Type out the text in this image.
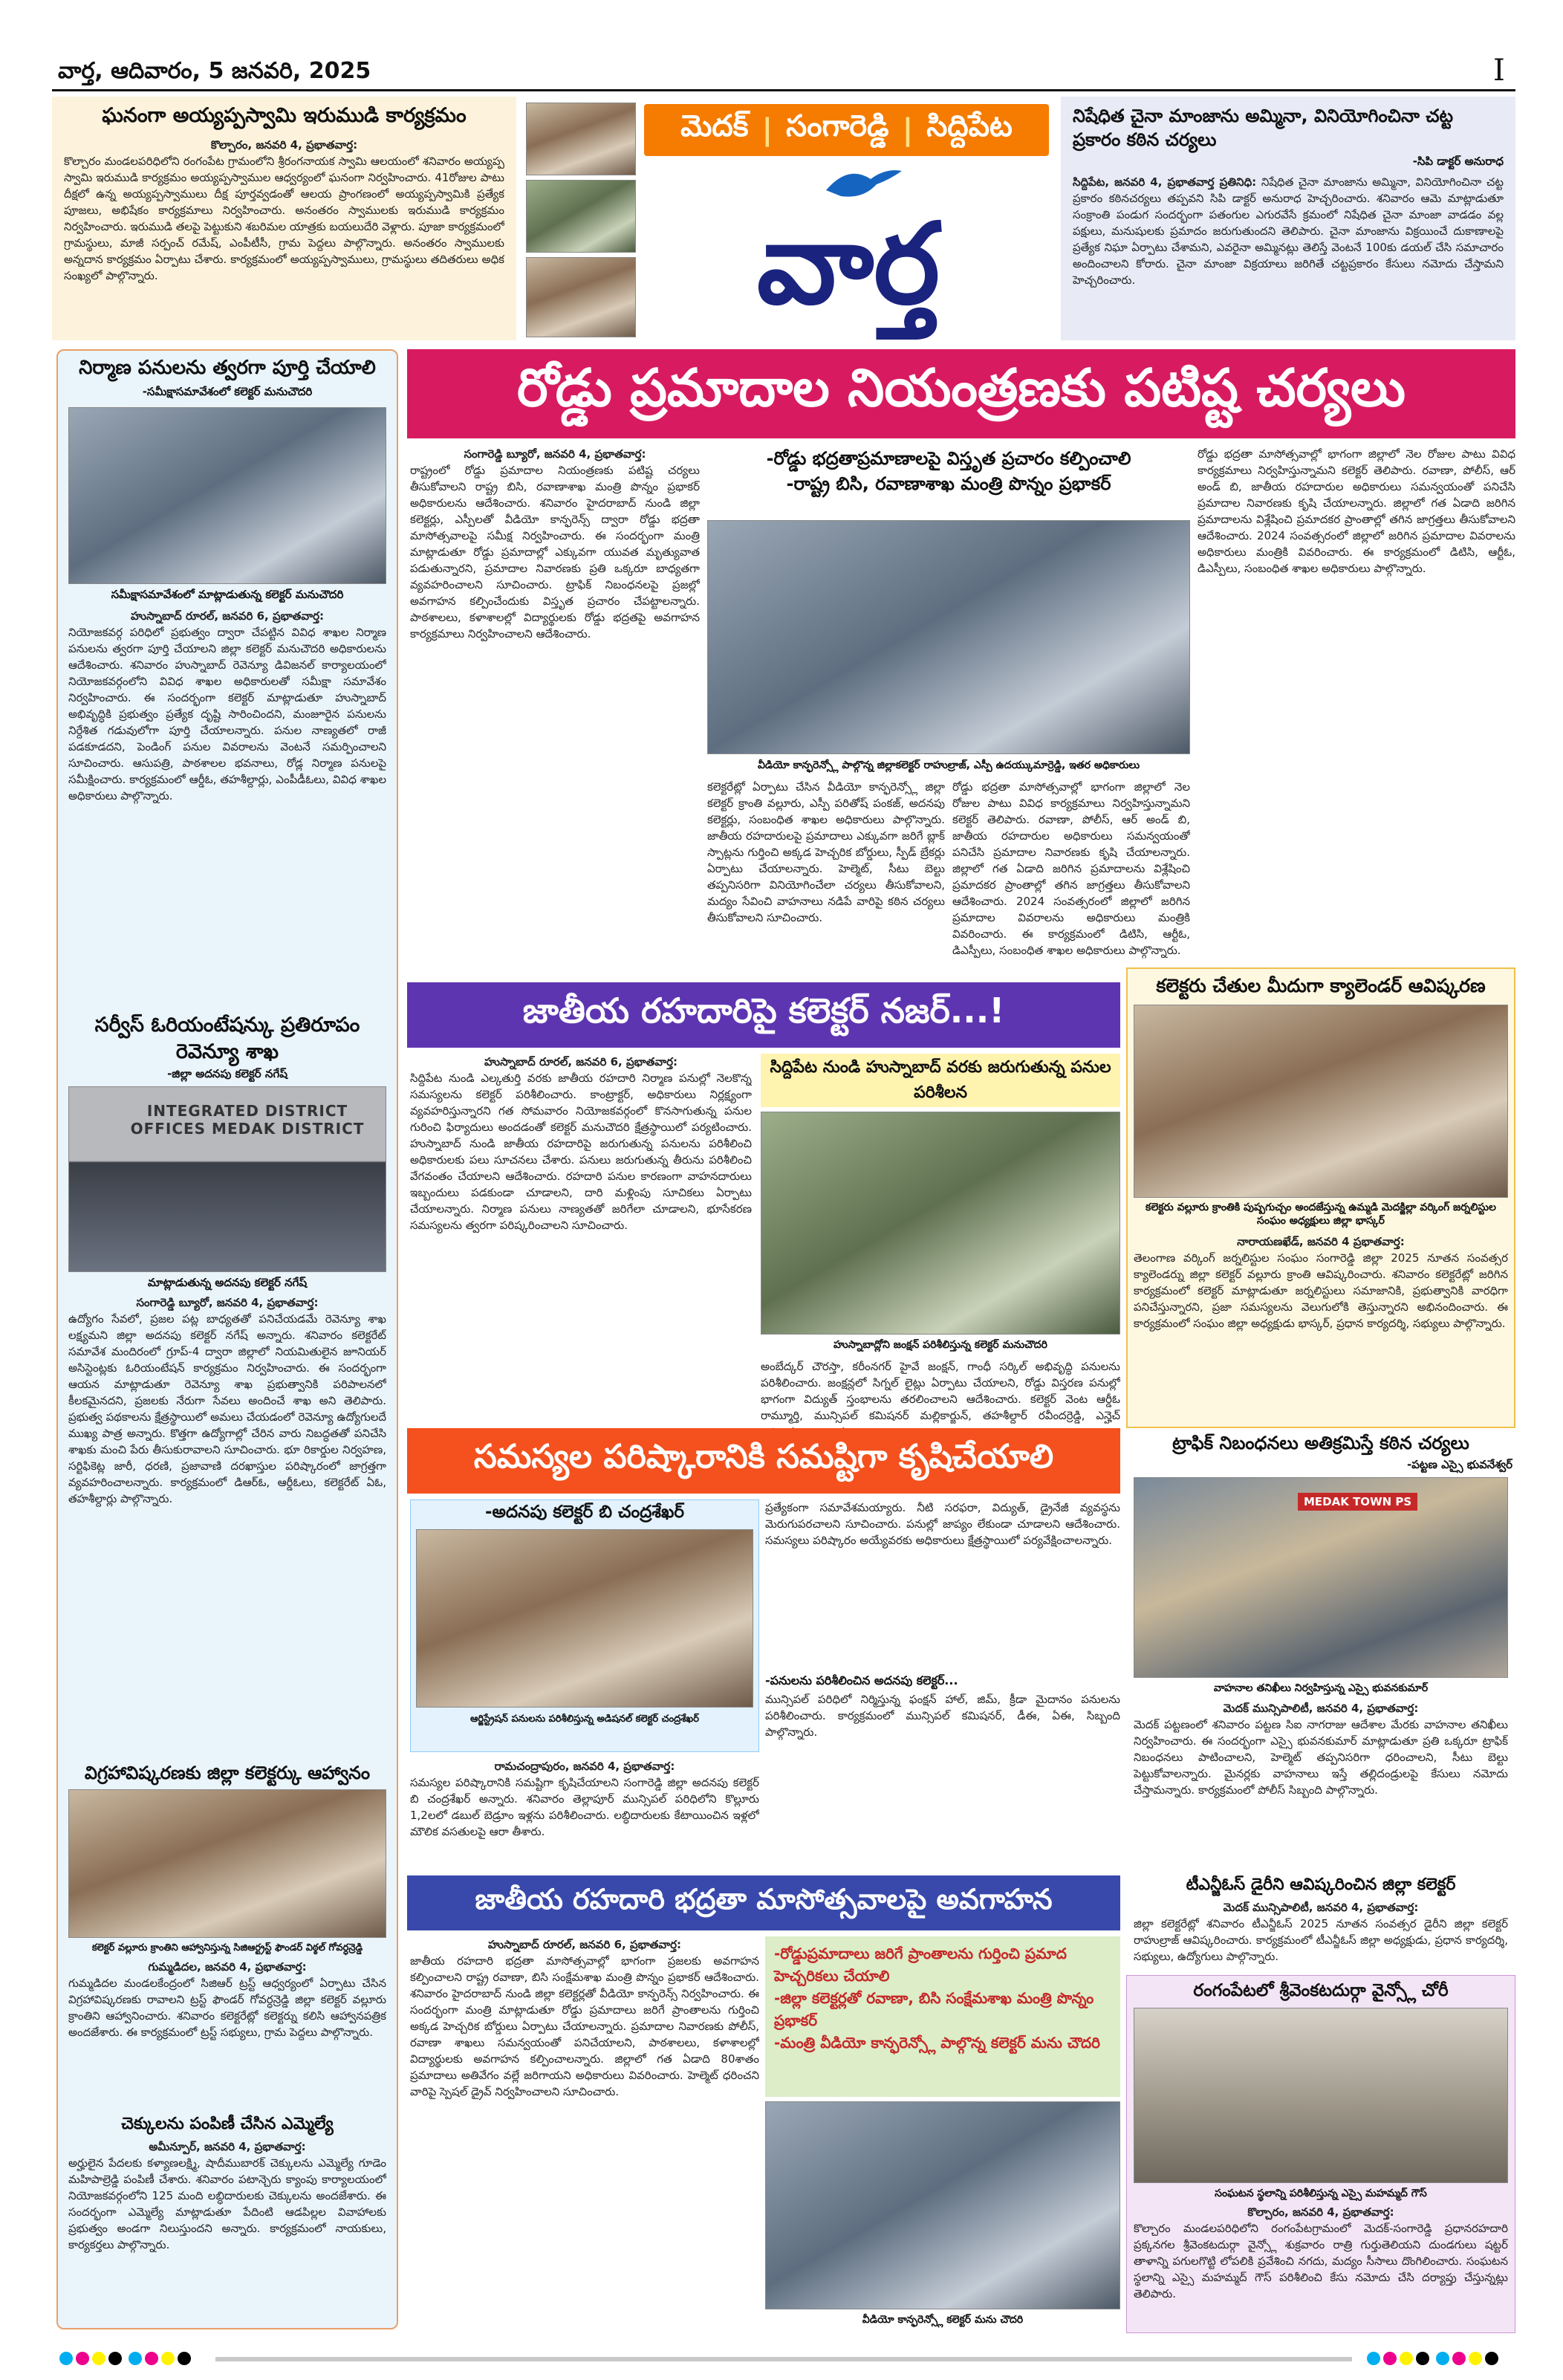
వార్త, ఆదివారం, 5 జనవరి, 2025	I
ఘనంగా అయ్యప్పస్వామి ఇరుముడి కార్యక్రమం
కొల్చారం, జనవరి 4, ప్రభాతవార్త:
కొల్చారం మండలపరిధిలోని రంగంపేట గ్రామంలోని శ్రీరంగనాయక స్వామి ఆలయంలో శనివారం అయ్యప్ప స్వామి ఇరుముడి కార్యక్రమం అయ్యప్పస్వాముల ఆధ్వర్యంలో ఘనంగా నిర్వహించారు. 41రోజుల పాటు దీక్షలో ఉన్న అయ్యప్పస్వాములు దీక్ష పూర్తవ్వడంతో ఆలయ ప్రాంగణంలో అయ్యప్పస్వామికి ప్రత్యేక పూజలు, అభిషేకం కార్యక్రమాలు నిర్వహించారు. అనంతరం స్వాములకు ఇరుముడి కార్యక్రమం నిర్వహించారు. ఇరుముడి తలపై పెట్టుకుని శబరిమల యాత్రకు బయలుదేరి వెళ్లారు. పూజా కార్యక్రమంలో గ్రామస్థులు, మాజీ సర్పంచ్ రమేష్, ఎంపీటీసీ, గ్రామ పెద్దలు పాల్గొన్నారు. అనంతరం స్వాములకు అన్నదాన కార్యక్రమం ఏర్పాటు చేశారు. కార్యక్రమంలో అయ్యప్పస్వాములు, గ్రామస్థులు తదితరులు అధిక సంఖ్యలో పాల్గొన్నారు.
మెదక్ | సంగారెడ్డి | సిద్దిపేట
వార్త
నిషేధిత చైనా మాంజాను అమ్మినా, వినియోగించినా చట్ట ప్రకారం కఠిన చర్యలు
-సిపి డాక్టర్ అనురాధ
సిద్దిపేట, జనవరి 4, ప్రభాతవార్త ప్రతినిధి: నిషేధిత చైనా మాంజాను అమ్మినా, వినియోగించినా చట్ట ప్రకారం కఠినచర్యలు తప్పవని సిపి డాక్టర్ అనురాధ హెచ్చరించారు. శనివారం ఆమె మాట్లాడుతూ సంక్రాంతి పండుగ సందర్భంగా పతంగుల ఎగురవేసే క్రమంలో నిషేధిత చైనా మాంజా వాడడం వల్ల పక్షులు, మనుషులకు ప్రమాదం జరుగుతుందని తెలిపారు. చైనా మాంజాను విక్రయించే దుకాణాలపై ప్రత్యేక నిఘా ఏర్పాటు చేశామని, ఎవరైనా అమ్మినట్లు తెలిస్తే వెంటనే 100కు డయల్ చేసి సమాచారం అందించాలని కోరారు. చైనా మాంజా విక్రయాలు జరిగితే చట్టప్రకారం కేసులు నమోదు చేస్తామని హెచ్చరించారు.
నిర్మాణ పనులను త్వరగా పూర్తి చేయాలి
-సమీక్షాసమావేశంలో కలెక్టర్ మనుచౌదరి
సమీక్షాసమావేశంలో మాట్లాడుతున్న కలెక్టర్ మనుచౌదరి
హుస్నాబాద్ రూరల్, జనవరి 6, ప్రభాతవార్త:
నియోజకవర్గ పరిధిలో ప్రభుత్వం ద్వారా చేపట్టిన వివిధ శాఖల నిర్మాణ పనులను త్వరగా పూర్తి చేయాలని జిల్లా కలెక్టర్ మనుచౌదరి అధికారులను ఆదేశించారు. శనివారం హుస్నాబాద్ రెవెన్యూ డివిజనల్ కార్యాలయంలో నియోజకవర్గంలోని వివిధ శాఖల అధికారులతో సమీక్షా సమావేశం నిర్వహించారు. ఈ సందర్భంగా కలెక్టర్ మాట్లాడుతూ హుస్నాబాద్ అభివృద్ధికి ప్రభుత్వం ప్రత్యేక దృష్టి సారించిందని, మంజూరైన పనులను నిర్దేశిత గడువులోగా పూర్తి చేయాలన్నారు. పనుల నాణ్యతలో రాజీ పడకూడదని, పెండింగ్ పనుల వివరాలను వెంటనే సమర్పించాలని సూచించారు. ఆసుపత్రి, పాఠశాలల భవనాలు, రోడ్ల నిర్మాణ పనులపై సమీక్షించారు. కార్యక్రమంలో ఆర్డీఓ, తహశీల్దార్లు, ఎంపీడీఓలు, వివిధ శాఖల అధికారులు పాల్గొన్నారు.
సర్వీస్ ఓరియంటేషన్కు ప్రతిరూపం రెవెన్యూ శాఖ
-జిల్లా అదనపు కలెక్టర్ నగేష్
INTEGRATED DISTRICT OFFICES MEDAK DISTRICT
మాట్లాడుతున్న అదనపు కలెక్టర్ నగేష్
సంగారెడ్డి బ్యూరో, జనవరి 4, ప్రభాతవార్త:
ఉద్యోగం సేవలో, ప్రజల పట్ల బాధ్యతతో పనిచేయడమే రెవెన్యూ శాఖ లక్ష్యమని జిల్లా అదనపు కలెక్టర్ నగేష్ అన్నారు. శనివారం కలెక్టరేట్ సమావేశ మందిరంలో గ్రూప్-4 ద్వారా జిల్లాలో నియమితులైన జూనియర్ అసిస్టెంట్లకు ఓరియంటేషన్ కార్యక్రమం నిర్వహించారు. ఈ సందర్భంగా ఆయన మాట్లాడుతూ రెవెన్యూ శాఖ ప్రభుత్వానికి పరిపాలనలో కీలకమైనదని, ప్రజలకు నేరుగా సేవలు అందించే శాఖ అని తెలిపారు. ప్రభుత్వ పథకాలను క్షేత్రస్థాయిలో అమలు చేయడంలో రెవెన్యూ ఉద్యోగులదే ముఖ్య పాత్ర అన్నారు. కొత్తగా ఉద్యోగాల్లో చేరిన వారు నిబద్ధతతో పనిచేసి శాఖకు మంచి పేరు తీసుకురావాలని సూచించారు. భూ రికార్డుల నిర్వహణ, సర్టిఫికెట్ల జారీ, ధరణి, ప్రజావాణి దరఖాస్తుల పరిష్కారంలో జాగ్రత్తగా వ్యవహరించాలన్నారు. కార్యక్రమంలో డిఆర్ఓ, ఆర్డీఓలు, కలెక్టరేట్ ఏఓ, తహశీల్దార్లు పాల్గొన్నారు.
విగ్రహావిష్కరణకు జిల్లా కలెక్టర్కు ఆహ్వానం
కలెక్టర్ వల్లూరు క్రాంతిని ఆహ్వానిస్తున్న సిజిఆర్ట్రస్ట్ ఫౌండర్ విఠ్ఠల్ గోవర్ధన్రెడ్డి
గుమ్మడిదల, జనవరి 4, ప్రభాతవార్త:
గుమ్మడిదల మండలకేంద్రంలో సిజిఆర్ ట్రస్ట్ ఆధ్వర్యంలో ఏర్పాటు చేసిన విగ్రహావిష్కరణకు రావాలని ట్రస్ట్ ఫౌండర్ గోవర్ధన్రెడ్డి జిల్లా కలెక్టర్ వల్లూరు క్రాంతిని ఆహ్వానించారు. శనివారం కలెక్టరేట్లో కలెక్టర్ను కలిసి ఆహ్వానపత్రిక అందజేశారు. ఈ కార్యక్రమంలో ట్రస్ట్ సభ్యులు, గ్రామ పెద్దలు పాల్గొన్నారు.
చెక్కులను పంపిణీ చేసిన ఎమ్మెల్యే
అమీన్పూర్, జనవరి 4, ప్రభాతవార్త:
అర్హులైన పేదలకు కళ్యాణలక్ష్మి, షాదీముబారక్ చెక్కులను ఎమ్మెల్యే గూడెం మహిపాల్రెడ్డి పంపిణీ చేశారు. శనివారం పటాన్చెరు క్యాంపు కార్యాలయంలో నియోజకవర్గంలోని 125 మంది లబ్ధిదారులకు చెక్కులను అందజేశారు. ఈ సందర్భంగా ఎమ్మెల్యే మాట్లాడుతూ పేదింటి ఆడపిల్లల వివాహాలకు ప్రభుత్వం అండగా నిలుస్తుందని అన్నారు. కార్యక్రమంలో నాయకులు, కార్యకర్తలు పాల్గొన్నారు.
రోడ్డు ప్రమాదాల నియంత్రణకు పటిష్ట చర్యలు
సంగారెడ్డి బ్యూరో, జనవరి 4, ప్రభాతవార్త:
రాష్ట్రంలో రోడ్డు ప్రమాదాల నియంత్రణకు పటిష్ట చర్యలు తీసుకోవాలని రాష్ట్ర బిసి, రవాణాశాఖ మంత్రి పొన్నం ప్రభాకర్ అధికారులను ఆదేశించారు. శనివారం హైదరాబాద్ నుండి జిల్లా కలెక్టర్లు, ఎస్పీలతో వీడియో కాన్ఫరెన్స్ ద్వారా రోడ్డు భద్రతా మాసోత్సవాలపై సమీక్ష నిర్వహించారు. ఈ సందర్భంగా మంత్రి మాట్లాడుతూ రోడ్డు ప్రమాదాల్లో ఎక్కువగా యువత మృత్యువాత పడుతున్నారని, ప్రమాదాల నివారణకు ప్రతి ఒక్కరూ బాధ్యతగా వ్యవహరించాలని సూచించారు. ట్రాఫిక్ నిబంధనలపై ప్రజల్లో అవగాహన కల్పించేందుకు విస్తృత ప్రచారం చేపట్టాలన్నారు. పాఠశాలలు, కళాశాలల్లో విద్యార్థులకు రోడ్డు భద్రతపై అవగాహన కార్యక్రమాలు నిర్వహించాలని ఆదేశించారు.
-రోడ్డు భద్రతాప్రమాణాలపై విస్తృత ప్రచారం కల్పించాలి
-రాష్ట్ర బిసి, రవాణాశాఖ మంత్రి పొన్నం ప్రభాకర్
వీడియో కాన్ఫరెన్స్లో పాల్గొన్న జిల్లాకలెక్టర్ రాహుల్రాజ్, ఎస్పీ ఉదయ్కుమార్రెడ్డి, ఇతర అధికారులు
కలెక్టరేట్లో ఏర్పాటు చేసిన వీడియో కాన్ఫరెన్స్లో జిల్లా కలెక్టర్ క్రాంతి వల్లూరు, ఎస్పీ పరితోష్ పంకజ్, అదనపు కలెక్టర్లు, సంబంధిత శాఖల అధికారులు పాల్గొన్నారు. జాతీయ రహదారులపై ప్రమాదాలు ఎక్కువగా జరిగే బ్లాక్ స్పాట్లను గుర్తించి అక్కడ హెచ్చరిక బోర్డులు, స్పీడ్ బ్రేకర్లు ఏర్పాటు చేయాలన్నారు. హెల్మెట్, సీటు బెల్టు తప్పనిసరిగా వినియోగించేలా చర్యలు తీసుకోవాలని, మద్యం సేవించి వాహనాలు నడిపే వారిపై కఠిన చర్యలు తీసుకోవాలని సూచించారు.
రోడ్డు భద్రతా మాసోత్సవాల్లో భాగంగా జిల్లాలో నెల రోజుల పాటు వివిధ కార్యక్రమాలు నిర్వహిస్తున్నామని కలెక్టర్ తెలిపారు. రవాణా, పోలీస్, ఆర్ అండ్ బి, జాతీయ రహదారుల అధికారులు సమన్వయంతో పనిచేసి ప్రమాదాల నివారణకు కృషి చేయాలన్నారు. జిల్లాలో గత ఏడాది జరిగిన ప్రమాదాలను విశ్లేషించి ప్రమాదకర ప్రాంతాల్లో తగిన జాగ్రత్తలు తీసుకోవాలని ఆదేశించారు. 2024 సంవత్సరంలో జిల్లాలో జరిగిన ప్రమాదాల వివరాలను అధికారులు మంత్రికి వివరించారు. ఈ కార్యక్రమంలో డిటిసి, ఆర్టీఓ, డిఎస్పీలు, సంబంధిత శాఖల అధికారులు పాల్గొన్నారు.
రోడ్డు భద్రతా మాసోత్సవాల్లో భాగంగా జిల్లాలో నెల రోజుల పాటు వివిధ కార్యక్రమాలు నిర్వహిస్తున్నామని కలెక్టర్ తెలిపారు. రవాణా, పోలీస్, ఆర్ అండ్ బి, జాతీయ రహదారుల అధికారులు సమన్వయంతో పనిచేసి ప్రమాదాల నివారణకు కృషి చేయాలన్నారు. జిల్లాలో గత ఏడాది జరిగిన ప్రమాదాలను విశ్లేషించి ప్రమాదకర ప్రాంతాల్లో తగిన జాగ్రత్తలు తీసుకోవాలని ఆదేశించారు. 2024 సంవత్సరంలో జిల్లాలో జరిగిన ప్రమాదాల వివరాలను అధికారులు మంత్రికి వివరించారు. ఈ కార్యక్రమంలో డిటిసి, ఆర్టీఓ, డిఎస్పీలు, సంబంధిత శాఖల అధికారులు పాల్గొన్నారు.
జాతీయ రహదారిపై కలెక్టర్ నజర్...!
హుస్నాబాద్ రూరల్, జనవరి 6, ప్రభాతవార్త:
సిద్దిపేట నుండి ఎల్కతుర్తి వరకు జాతీయ రహదారి నిర్మాణ పనుల్లో నెలకొన్న సమస్యలను కలెక్టర్ పరిశీలించారు. కాంట్రాక్టర్, అధికారులు నిర్లక్ష్యంగా వ్యవహరిస్తున్నారని గత సోమవారం నియోజకవర్గంలో కొనసాగుతున్న పనుల గురించి ఫిర్యాదులు అందడంతో కలెక్టర్ మనుచౌదరి క్షేత్రస్థాయిలో పర్యటించారు. హుస్నాబాద్ నుండి జాతీయ రహదారిపై జరుగుతున్న పనులను పరిశీలించి అధికారులకు పలు సూచనలు చేశారు. పనులు జరుగుతున్న తీరును పరిశీలించి వేగవంతం చేయాలని ఆదేశించారు. రహదారి పనుల కారణంగా వాహనదారులు ఇబ్బందులు పడకుండా చూడాలని, దారి మళ్లింపు సూచికలు ఏర్పాటు చేయాలన్నారు. నిర్మాణ పనులు నాణ్యతతో జరిగేలా చూడాలని, భూసేకరణ సమస్యలను త్వరగా పరిష్కరించాలని సూచించారు.
సిద్దిపేట నుండి హుస్నాబాద్ వరకు జరుగుతున్న పనుల పరిశీలన
హుస్నాబాద్లోని జంక్షన్ పరిశీలిస్తున్న కలెక్టర్ మనుచౌదరి
అంబేద్కర్ చౌరస్తా, కరీంనగర్ హైవే జంక్షన్, గాంధీ సర్కిల్ అభివృద్ధి పనులను పరిశీలించారు. జంక్షన్లలో సిగ్నల్ లైట్లు ఏర్పాటు చేయాలని, రోడ్డు విస్తరణ పనుల్లో భాగంగా విద్యుత్ స్తంభాలను తరలించాలని ఆదేశించారు. కలెక్టర్ వెంట ఆర్డీఓ రామ్మూర్తి, మున్సిపల్ కమిషనర్ మల్లికార్జున్, తహశీల్దార్ రవీందర్రెడ్డి, ఎన్హెచ్
కలెక్టరు చేతుల మీదుగా క్యాలెండర్ ఆవిష్కరణ
కలెక్టరు వల్లూరు క్రాంతికి పుష్పగుచ్చం అందజేస్తున్న ఉమ్మడి మెదక్జిల్లా వర్కింగ్ జర్నలిస్టుల సంఘం అధ్యక్షులు జిల్లా భాస్కర్
నారాయణఖేడ్, జనవరి 4 ప్రభాతవార్త:
తెలంగాణ వర్కింగ్ జర్నలిస్టుల సంఘం సంగారెడ్డి జిల్లా 2025 నూతన సంవత్సర క్యాలెండర్ను జిల్లా కలెక్టర్ వల్లూరు క్రాంతి ఆవిష్కరించారు. శనివారం కలెక్టరేట్లో జరిగిన కార్యక్రమంలో కలెక్టర్ మాట్లాడుతూ జర్నలిస్టులు సమాజానికి, ప్రభుత్వానికి వారధిగా పనిచేస్తున్నారని, ప్రజా సమస్యలను వెలుగులోకి తెస్తున్నారని అభినందించారు. ఈ కార్యక్రమంలో సంఘం జిల్లా అధ్యక్షుడు భాస్కర్, ప్రధాన కార్యదర్శి, సభ్యులు పాల్గొన్నారు.
సమస్యల పరిష్కారానికి సమష్టిగా కృషిచేయాలి
-అదనపు కలెక్టర్ బి చంద్రశేఖర్
ఆర్జిస్ట్రేషన్ పనులను పరిశీలిస్తున్న అడిషనల్ కలెక్టర్ చంద్రశేఖర్
రామచంద్రాపురం, జనవరి 4, ప్రభాతవార్త:
సమస్యల పరిష్కారానికి సమష్టిగా కృషిచేయాలని సంగారెడ్డి జిల్లా అదనపు కలెక్టర్ బి చంద్రశేఖర్ అన్నారు. శనివారం తెల్లాపూర్ మున్సిపల్ పరిధిలోని కొల్లూరు 1,2లలో డబుల్ బెడ్రూం ఇళ్లను పరిశీలించారు. లబ్ధిదారులకు కేటాయించిన ఇళ్లలో మౌలిక వసతులపై ఆరా తీశారు.
ప్రత్యేకంగా సమావేశమయ్యారు. నీటి సరఫరా, విద్యుత్, డ్రైనేజీ వ్యవస్థను మెరుగుపరచాలని సూచించారు. పనుల్లో జాప్యం లేకుండా చూడాలని ఆదేశించారు. సమస్యలు పరిష్కారం అయ్యేవరకు అధికారులు క్షేత్రస్థాయిలో పర్యవేక్షించాలన్నారు.
-పనులను పరిశీలించిన అదనపు కలెక్టర్...
మున్సిపల్ పరిధిలో నిర్మిస్తున్న ఫంక్షన్ హాల్, జిమ్, క్రీడా మైదానం పనులను పరిశీలించారు. కార్యక్రమంలో మున్సిపల్ కమిషనర్, డీఈ, ఏఈ, సిబ్బంది పాల్గొన్నారు.
ట్రాఫిక్ నిబంధనలు అతిక్రమిస్తే కఠిన చర్యలు
-పట్టణ ఎస్సై భువనేశ్వర్
MEDAK TOWN PS
వాహనాల తనిఖీలు నిర్వహిస్తున్న ఎస్సై భువనకుమార్
మెదక్ మున్సిపాలిటీ, జనవరి 4, ప్రభాతవార్త:
మెదక్ పట్టణంలో శనివారం పట్టణ సిఐ నాగరాజు ఆదేశాల మేరకు వాహనాల తనిఖీలు నిర్వహించారు. ఈ సందర్భంగా ఎస్సై భువనకుమార్ మాట్లాడుతూ ప్రతి ఒక్కరూ ట్రాఫిక్ నిబంధనలు పాటించాలని, హెల్మెట్ తప్పనిసరిగా ధరించాలని, సీటు బెల్టు పెట్టుకోవాలన్నారు. మైనర్లకు వాహనాలు ఇస్తే తల్లిదండ్రులపై కేసులు నమోదు చేస్తామన్నారు. కార్యక్రమంలో పోలీస్ సిబ్బంది పాల్గొన్నారు.
టీఎన్జీఓస్ డైరీని ఆవిష్కరించిన జిల్లా కలెక్టర్
మెదక్ మున్సిపాలిటీ, జనవరి 4, ప్రభాతవార్త:
జిల్లా కలెక్టరేట్లో శనివారం టీఎన్జీఓస్ 2025 నూతన సంవత్సర డైరీని జిల్లా కలెక్టర్ రాహుల్రాజ్ ఆవిష్కరించారు. కార్యక్రమంలో టీఎన్జీఓస్ జిల్లా అధ్యక్షుడు, ప్రధాన కార్యదర్శి, సభ్యులు, ఉద్యోగులు పాల్గొన్నారు.
జాతీయ రహదారి భద్రతా మాసోత్సవాలపై అవగాహన
హుస్నాబాద్ రూరల్, జనవరి 6, ప్రభాతవార్త:
జాతీయ రహదారి భద్రతా మాసోత్సవాల్లో భాగంగా ప్రజలకు అవగాహన కల్పించాలని రాష్ట్ర రవాణా, బిసి సంక్షేమశాఖ మంత్రి పొన్నం ప్రభాకర్ ఆదేశించారు. శనివారం హైదరాబాద్ నుండి జిల్లా కలెక్టర్లతో వీడియో కాన్ఫరెన్స్ నిర్వహించారు. ఈ సందర్భంగా మంత్రి మాట్లాడుతూ రోడ్డు ప్రమాదాలు జరిగే ప్రాంతాలను గుర్తించి అక్కడ హెచ్చరిక బోర్డులు ఏర్పాటు చేయాలన్నారు. ప్రమాదాల నివారణకు పోలీస్, రవాణా శాఖలు సమన్వయంతో పనిచేయాలని, పాఠశాలలు, కళాశాలల్లో విద్యార్థులకు అవగాహన కల్పించాలన్నారు. జిల్లాలో గత ఏడాది 80శాతం ప్రమాదాలు అతివేగం వల్లే జరిగాయని అధికారులు వివరించారు. హెల్మెట్ ధరించని వారిపై స్పెషల్ డ్రైవ్ నిర్వహించాలని సూచించారు.
-రోడ్డుప్రమాదాలు జరిగే ప్రాంతాలను గుర్తించి ప్రమాద హెచ్చరికలు చేయాలి
-జిల్లా కలెక్టర్లతో రవాణా, బిసి సంక్షేమశాఖ మంత్రి పొన్నం ప్రభాకర్
-మంత్రి వీడియో కాన్ఫరెన్స్లో పాల్గొన్న కలెక్టర్ మను చౌదరి
వీడియో కాన్ఫరెన్స్లో కలెక్టర్ మను చౌదరి
రంగంపేటలో శ్రీవెంకటదుర్గా వైన్స్లో చోరీ
సంఘటన స్థలాన్ని పరిశీలిస్తున్న ఎస్సై మహమ్మద్ గౌస్
కొల్చారం, జనవరి 4, ప్రభాతవార్త:
కొల్చారం మండలపరిధిలోని రంగంపేటగ్రామంలో మెదక్-సంగారెడ్డి ప్రధానరహదారి ప్రక్కనగల శ్రీవెంకటదుర్గా వైన్స్లో శుక్రవారం రాత్రి గుర్తుతెలియని దుండగులు షట్టర్ తాళాన్ని పగులగొట్టి లోపలికి ప్రవేశించి నగదు, మద్యం సీసాలు దొంగిలించారు. సంఘటన స్థలాన్ని ఎస్సై మహమ్మద్ గౌస్ పరిశీలించి కేసు నమోదు చేసి దర్యాప్తు చేస్తున్నట్లు తెలిపారు.
